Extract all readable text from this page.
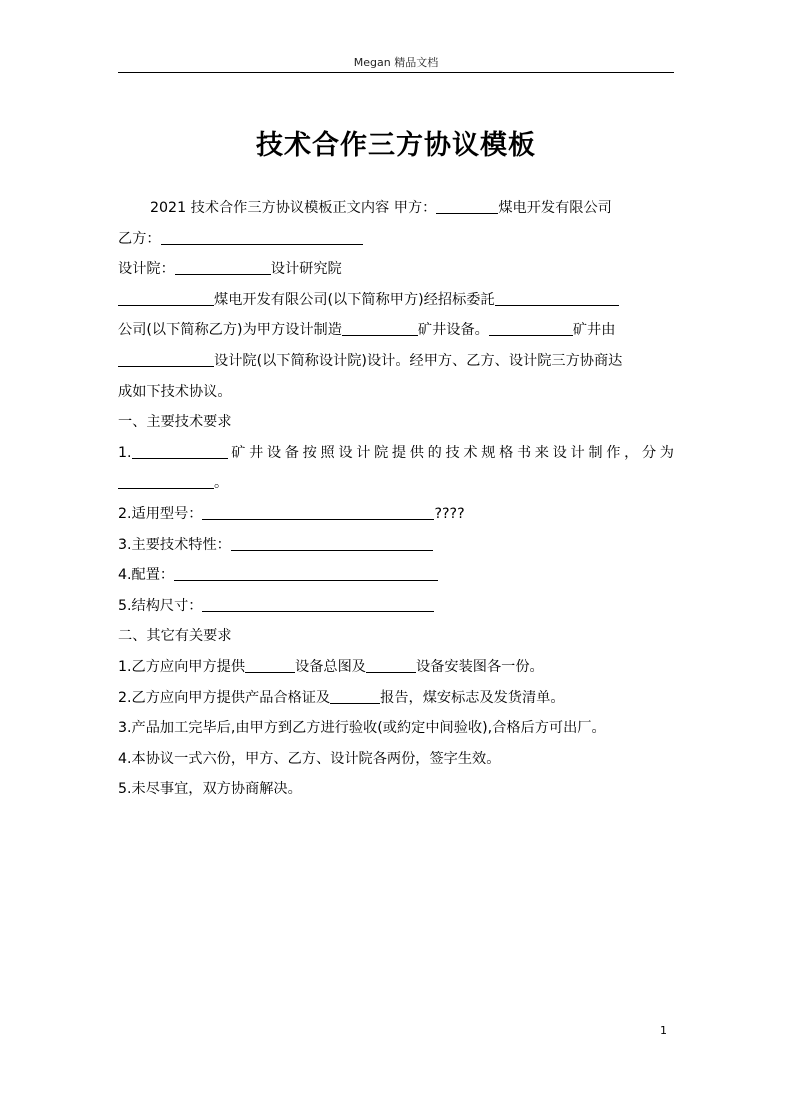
Megan 精品文档
技术合作三方协议模板
2021 技术合作三方协议模板正文内容 甲方：	煤电开发有限公司
乙方：
设计院：	设计研究院
煤电开发有限公司(以下简称甲方)经招标委託
公司(以下简称乙方)为甲方设计制造	矿井设备。	矿井由
设计院(以下简称设计院)设计。经甲方、乙方、设计院三方协商达
成如下技术协议。
一、主要技术要求
1.	矿井设备按照设计院提供的技术规格书来设计制作，分为
。
2.适用型号：	????
3.主要技术特性：
4.配置：
5.结构尺寸：
二、其它有关要求
1.乙方应向甲方提供	设备总图及	设备安装图各一份。
2.乙方应向甲方提供产品合格证及	报告，煤安标志及发货清单。
3.产品加工完毕后,由甲方到乙方进行验收(或約定中间验收),合格后方可出厂。
4.本协议一式六份，甲方、乙方、设计院各两份，签字生效。
5.未尽事宜，双方协商解决。
1
